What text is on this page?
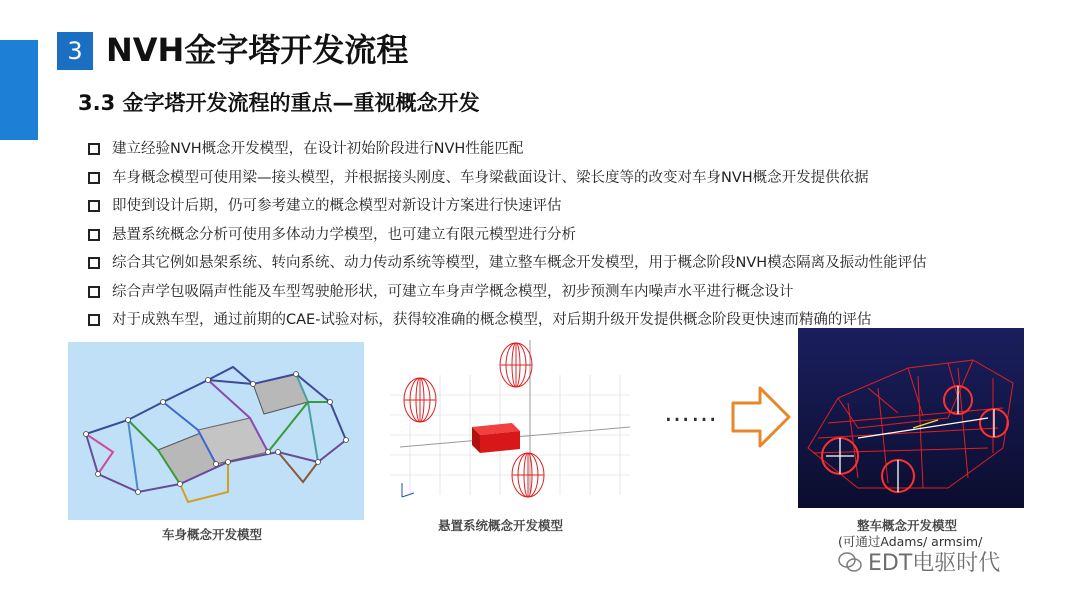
3 NVH金字塔开发流程
3.3 金字塔开发流程的重点—重视概念开发
建立经验NVH概念开发模型，在设计初始阶段进行NVH性能匹配
车身概念模型可使用梁—接头模型，并根据接头刚度、车身梁截面设计、梁长度等的改变对车身NVH概念开发提供依据
即使到设计后期，仍可参考建立的概念模型对新设计方案进行快速评估
悬置系统概念分析可使用多体动力学模型，也可建立有限元模型进行分析
综合其它例如悬架系统、转向系统、动力传动系统等模型，建立整车概念开发模型，用于概念阶段NVH模态隔离及振动性能评估
综合声学包吸隔声性能及车型驾驶舱形状，可建立车身声学概念模型，初步预测车内噪声水平进行概念设计
对于成熟车型，通过前期的CAE-试验对标，获得较准确的概念模型，对后期升级开发提供概念阶段更快速而精确的评估
车身概念开发模型
悬置系统概念开发模型
……
整车概念开发模型
(可通过Adams/ armsim/
EDT电驱时代
